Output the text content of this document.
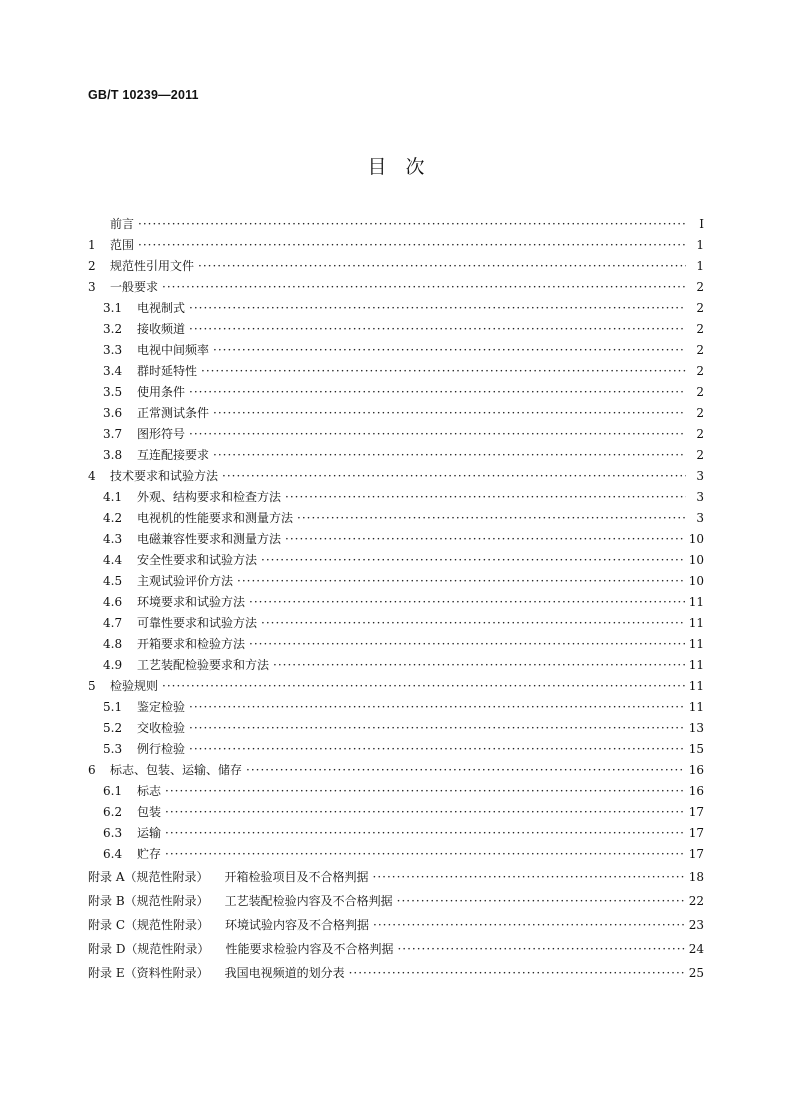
GB/T 10239—2011
目　次
前言 ·····	Ⅰ
1	范围 ·····	1
2	规范性引用文件 ·····	1
3	一般要求 ·····	2
3.1	电视制式 ·····	2
3.2	接收频道 ·····	2
3.3	电视中间频率 ·····	2
3.4	群时延特性 ·····	2
3.5	使用条件 ·····	2
3.6	正常测试条件 ·····	2
3.7	图形符号 ·····	2
3.8	互连配接要求 ·····	2
4	技术要求和试验方法 ·····	3
4.1	外观、结构要求和检查方法 ·····	3
4.2	电视机的性能要求和测量方法 ·····	3
4.3	电磁兼容性要求和测量方法 ·····	10
4.4	安全性要求和试验方法 ·····	10
4.5	主观试验评价方法 ·····	10
4.6	环境要求和试验方法 ·····	11
4.7	可靠性要求和试验方法 ·····	11
4.8	开箱要求和检验方法 ·····	11
4.9	工艺装配检验要求和方法 ·····	11
5	检验规则 ·····	11
5.1	鉴定检验 ·····	11
5.2	交收检验 ·····	13
5.3	例行检验 ·····	15
6	标志、包装、运输、储存 ·····	16
6.1	标志 ·····	16
6.2	包装 ·····	17
6.3	运输 ·····	17
6.4	贮存 ·····	17
附录 A（规范性附录） 开箱检验项目及不合格判据 ·····	18
附录 B（规范性附录） 工艺装配检验内容及不合格判据 ·····	22
附录 C（规范性附录） 环境试验内容及不合格判据 ·····	23
附录 D（规范性附录） 性能要求检验内容及不合格判据 ·····	24
附录 E（资料性附录） 我国电视频道的划分表 ·····	25
